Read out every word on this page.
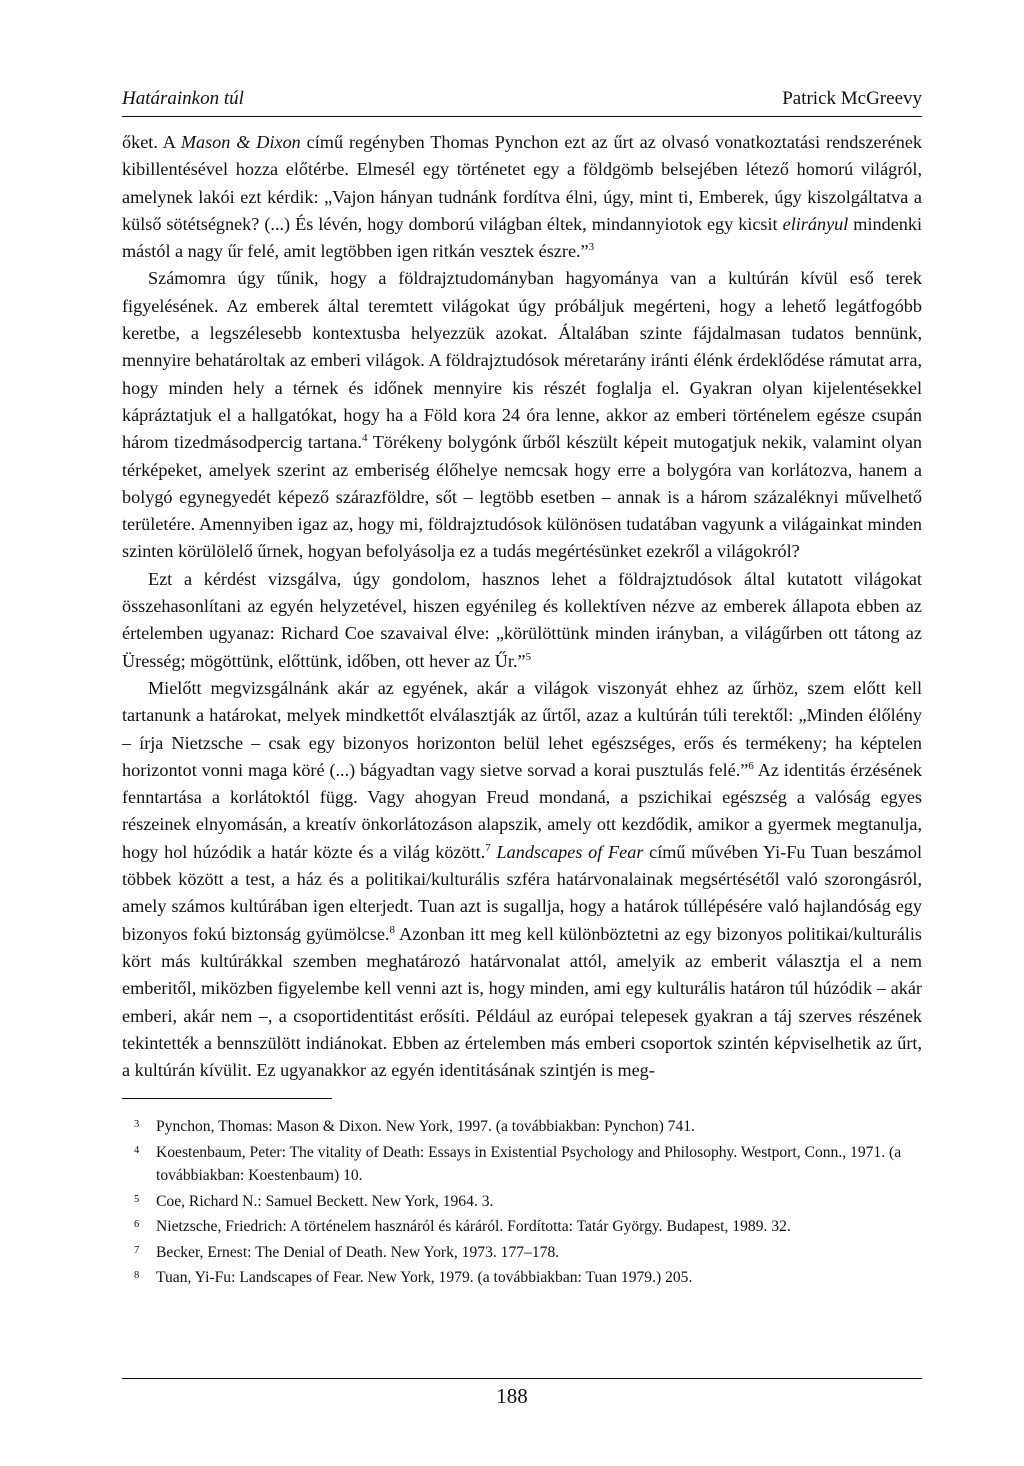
Határainkon túl	Patrick McGreevy

őket. A Mason & Dixon című regényben Thomas Pynchon ezt az űrt az olvasó vonatkoztatási rendszerének kibillentésével hozza előtérbe. Elmesél egy történetet egy a földgömb belsejében létező homorú világról, amelynek lakói ezt kérdik: „Vajon hányan tudnánk fordítva élni, úgy, mint ti, Emberek, úgy kiszolgáltatva a külső sötétségnek? (...) És lévén, hogy domború világban éltek, mindannyiotok egy kicsit elirányul mindenki mástól a nagy űr felé, amit legtöbben igen ritkán vesztek észre.”$^3$

Számomra úgy tűnik, hogy a földrajztudományban hagyománya van a kultúrán kívül eső terek figyelésének. Az emberek által teremtett világokat úgy próbáljuk megérteni, hogy a lehető legátfogóbb keretbe, a legszélesebb kontextusba helyezzük azokat. Általában szinte fájdalmasan tudatos bennünk, mennyire behatároltak az emberi világok. A földrajztudósok méretarány iránti élénk érdeklődése rámutat arra, hogy minden hely a térnek és időnek mennyire kis részét foglalja el. Gyakran olyan kijelentésekkel kápráztatjuk el a hallgatókat, hogy ha a Föld kora 24 óra lenne, akkor az emberi történelem egésze csupán három tizedmásodpercig tartana.$^4$ Törékeny bolygónk űrből készült képeit mutogatjuk nekik, valamint olyan térképeket, amelyek szerint az emberiség élőhelye nemcsak hogy erre a bolygóra van korlátozva, hanem a bolygó egynegyedét képező szárazföldre, sőt – legtöbb esetben – annak is a három százaléknyi művelhető területére. Amennyiben igaz az, hogy mi, földrajztudósok különösen tudatában vagyunk a világainkat minden szinten körülölelő űrnek, hogyan befolyásolja ez a tudás megértésünket ezekről a világokról?

Ezt a kérdést vizsgálva, úgy gondolom, hasznos lehet a földrajztudósok által kutatott világokat összehasonlítani az egyén helyzetével, hiszen egyénileg és kollektíven nézve az emberek állapota ebben az értelemben ugyanaz: Richard Coe szavaival élve: „körülöttünk minden irányban, a világűrben ott tátong az Üresség; mögöttünk, előttünk, időben, ott hever az Űr.”$^5$

Mielőtt megvizsgálnánk akár az egyének, akár a világok viszonyát ehhez az űrhöz, szem előtt kell tartanunk a határokat, melyek mindkettőt elválasztják az űrtől, azaz a kultúrán túli terektől: „Minden élőlény – írja Nietzsche – csak egy bizonyos horizonton belül lehet egészséges, erős és termékeny; ha képtelen horizontot vonni maga köré (...) bágyadtan vagy sietve sorvad a korai pusztulás felé.”$^6$ Az identitás érzésének fenntartása a korlátoktól függ. Vagy ahogyan Freud mondaná, a pszichikai egészség a valóság egyes részeinek elnyomásán, a kreatív önkorlátozáson alapszik, amely ott kezdődik, amikor a gyermek megtanulja, hogy hol húzódik a határ közte és a világ között.$^7$ Landscapes of Fear című művében Yi-Fu Tuan beszámol többek között a test, a ház és a politikai/kulturális szféra határvonalainak megsértésétől való szorongásról, amely számos kultúrában igen elterjedt. Tuan azt is sugallja, hogy a határok túllépésére való hajlandóság egy bizonyos fokú biztonság gyümölcse.$^8$ Azonban itt meg kell különböztetni az egy bizonyos politikai/kulturális kört más kultúrákkal szemben meghatározó határvonalat attól, amelyik az emberit választja el a nem emberitől, miközben figyelembe kell venni azt is, hogy minden, ami egy kulturális határon túl húzódik – akár emberi, akár nem –, a csoportidentitást erősíti. Például az európai telepesek gyakran a táj szerves részének tekintették a bennszülött indiánokat. Ebben az értelemben más emberi csoportok szintén képviselhetik az űrt, a kultúrán kívülit. Ez ugyanakkor az egyén identitásának szintjén is meg-

3 Pynchon, Thomas: Mason & Dixon. New York, 1997. (a továbbiakban: Pynchon) 741.
4 Koestenbaum, Peter: The vitality of Death: Essays in Existential Psychology and Philosophy. Westport, Conn., 1971. (a továbbiakban: Koestenbaum) 10.
5 Coe, Richard N.: Samuel Beckett. New York, 1964. 3.
6 Nietzsche, Friedrich: A történelem hasznáról és káráról. Fordította: Tatár György. Budapest, 1989. 32.
7 Becker, Ernest: The Denial of Death. New York, 1973. 177–178.
8 Tuan, Yi-Fu: Landscapes of Fear. New York, 1979. (a továbbiakban: Tuan 1979.) 205.
188
